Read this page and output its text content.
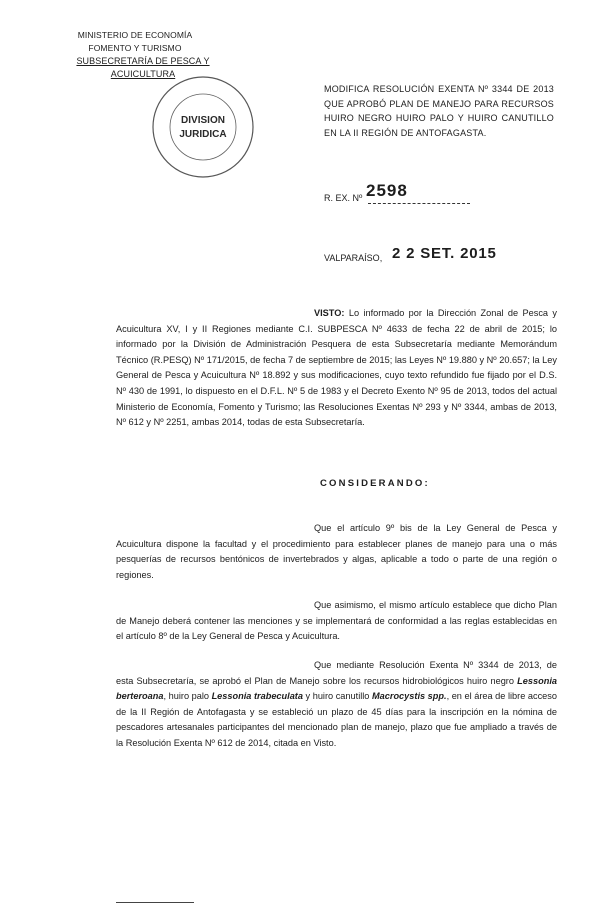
MINISTERIO DE ECONOMÍA
FOMENTO Y TURISMO
SUBSECRETARÍA DE PESCA Y ACUICULTURA
DIVISION
JURIDICA
MODIFICA RESOLUCIÓN EXENTA Nº 3344 DE 2013 QUE APROBÓ PLAN DE MANEJO PARA RECURSOS HUIRO NEGRO HUIRO PALO Y HUIRO CANUTILLO EN LA II REGIÓN DE ANTOFAGASTA.
R. EX. Nº 2598
VALPARAÍSO, 2 2 SET. 2015

VISTO: Lo informado por la Dirección Zonal de Pesca y Acuicultura XV, I y II Regiones mediante C.I. SUBPESCA Nº 4633 de fecha 22 de abril de 2015; lo informado por la División de Administración Pesquera de esta Subsecretaría mediante Memorándum Técnico (R.PESQ) Nº 171/2015, de fecha 7 de septiembre de 2015; las Leyes Nº 19.880 y Nº 20.657; la Ley General de Pesca y Acuicultura Nº 18.892 y sus modificaciones, cuyo texto refundido fue fijado por el D.S. Nº 430 de 1991, lo dispuesto en el D.F.L. Nº 5 de 1983 y el Decreto Exento Nº 95 de 2013, todos del actual Ministerio de Economía, Fomento y Turismo; las Resoluciones Exentas Nº 293 y Nº 3344, ambas de 2013, Nº 612 y Nº 2251, ambas 2014, todas de esta Subsecretaría.

CONSIDERANDO:

Que el artículo 9º bis de la Ley General de Pesca y Acuicultura dispone la facultad y el procedimiento para establecer planes de manejo para una o más pesquerías de recursos bentónicos de invertebrados y algas, aplicable a todo o parte de una región o regiones.

Que asimismo, el mismo artículo establece que dicho Plan de Manejo deberá contener las menciones y se implementará de conformidad a las reglas establecidas en el artículo 8º de la Ley General de Pesca y Acuicultura.

Que mediante Resolución Exenta Nº 3344 de 2013, de esta Subsecretaría, se aprobó el Plan de Manejo sobre los recursos hidrobiológicos huiro negro Lessonia berteroana, huiro palo Lessonia trabeculata y huiro canutillo Macrocystis spp., en el área de libre acceso de la II Región de Antofagasta y se estableció un plazo de 45 días para la inscripción en la nómina de pescadores artesanales participantes del mencionado plan de manejo, plazo que fue ampliado a través de la Resolución Exenta Nº 612 de 2014, citada en Visto.
